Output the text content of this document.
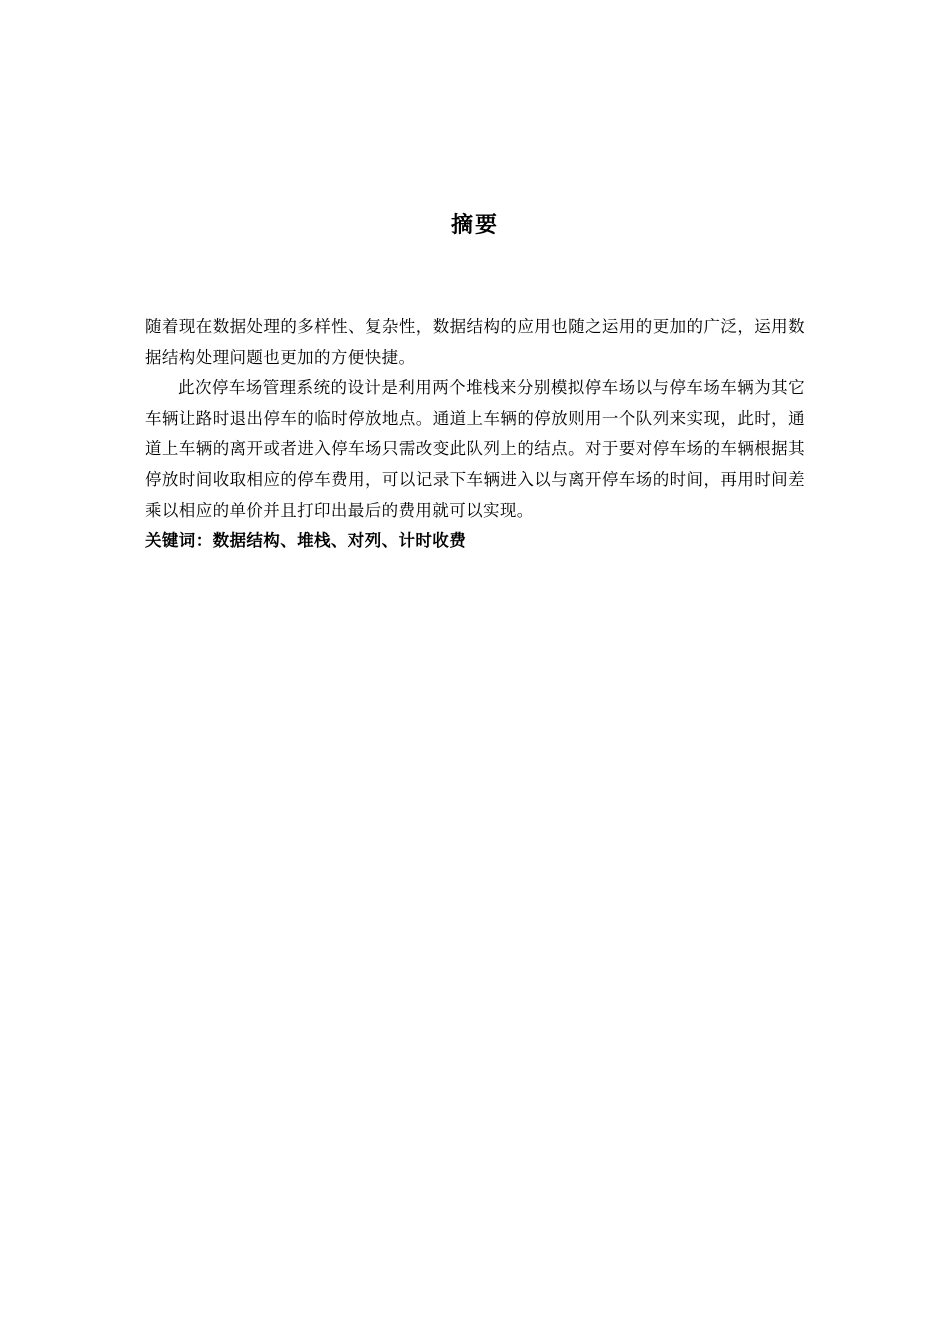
摘要

随着现在数据处理的多样性、复杂性，数据结构的应用也随之运用的更加的广泛，运用数据结构处理问题也更加的方便快捷。

此次停车场管理系统的设计是利用两个堆栈来分别模拟停车场以与停车场车辆为其它车辆让路时退出停车的临时停放地点。通道上车辆的停放则用一个队列来实现，此时，通道上车辆的离开或者进入停车场只需改变此队列上的结点。对于要对停车场的车辆根据其停放时间收取相应的停车费用，可以记录下车辆进入以与离开停车场的时间，再用时间差乘以相应的单价并且打印出最后的费用就可以实现。

关键词：数据结构、堆栈、对列、计时收费
